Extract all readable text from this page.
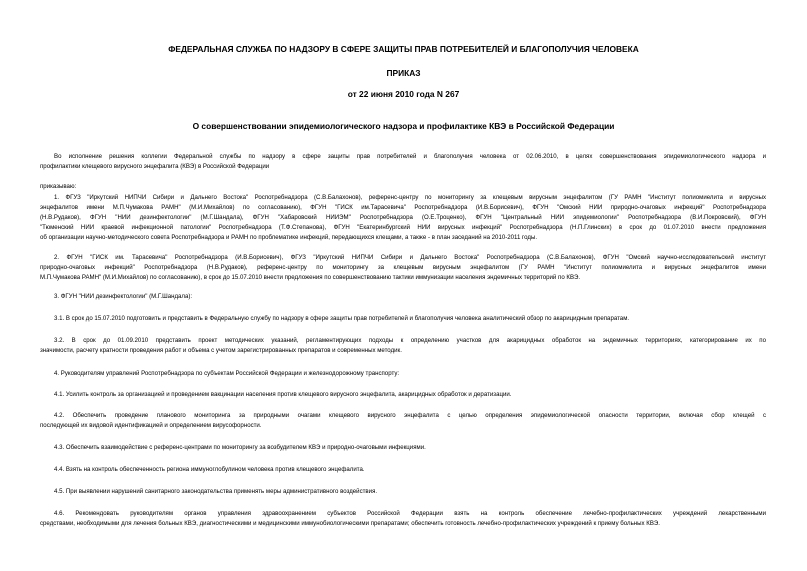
ФЕДЕРАЛЬНАЯ СЛУЖБА ПО НАДЗОРУ В СФЕРЕ ЗАЩИТЫ ПРАВ ПОТРЕБИТЕЛЕЙ И БЛАГОПОЛУЧИЯ ЧЕЛОВЕКА
ПРИКАЗ
от 22 июня 2010 года N 267
О совершенствовании эпидемиологического надзора и профилактике КВЭ в Российской Федерации
Во исполнение решения коллегии Федеральной службы по надзору в сфере защиты прав потребителей и благополучия человека от 02.06.2010, в целях совершенствования эпидемиологического надзора и
профилактики клещевого вирусного энцефалита (КВЭ) в Российской Федерации
приказываю:
1. ФГУЗ "Иркутский НИПЧИ Сибири и Дальнего Востока" Роспотребнадзора (С.В.Балахонов), референс-центру по мониторингу за клещевым вирусным энцефалитом (ГУ РАМН "Институт полиомиелита и вирусных
энцефалитов имени М.П.Чумакова РАМН" (М.И.Михайлов) по согласованию), ФГУН "ГИСК им.Тарасевича" Роспотребнадзора (И.В.Борисевич), ФГУН "Омский НИИ природно-очаговых инфекций" Роспотребнадзора
(Н.В.Рудаков), ФГУН "НИИ дезинфектологии" (М.Г.Шандала), ФГУН "Хабаровский НИИЭМ" Роспотребнадзора (О.Е.Троценко), ФГУН "Центральный НИИ эпидемиологии" Роспотребнадзора (В.И.Покровский), ФГУН
"Тюменский НИИ краевой инфекционной патологии" Роспотребнадзора (Т.Ф.Степанова), ФГУН "Екатеринбургский НИИ вирусных инфекций" Роспотребнадзора (Н.П.Глинских) в срок до 01.07.2010 внести предложения
об организации научно-методического совета Роспотребнадзора и РАМН по проблематике инфекций, передающихся клещами, а также - в план заседаний на 2010-2011 годы.
2. ФГУН "ГИСК им. Тарасевича" Роспотребнадзора (И.В.Борисевич), ФГУЗ "Иркутский НИПЧИ Сибири и Дальнего Востока" Роспотребнадзора (С.В.Балахонов), ФГУН "Омский научно-исследовательский институт
природно-очаговых инфекций" Роспотребнадзора (Н.В.Рудаков), референс-центру по мониторингу за клещевым вирусным энцефалитом (ГУ РАМН "Институт полиомиелита и вирусных энцефалитов имени
М.П.Чумакова РАМН" (М.И.Михайлов) по согласованию), в срок до 15.07.2010 внести предложения по совершенствованию тактики иммунизации населения эндемичных территорий по КВЭ.
3. ФГУН "НИИ дезинфектологии" (М.Г.Шандала):
3.1. В срок до 15.07.2010 подготовить и представить в Федеральную службу по надзору в сфере защиты прав потребителей и благополучия человека аналитический обзор по акарицидным препаратам.
3.2. В срок до 01.09.2010 представить проект методических указаний, регламентирующих подходы к определению участков для акарицидных обработок на эндемичных территориях, категорирование их по
значимости, расчету кратности проведения работ и объема с учетом зарегистрированных препаратов и современных методик.
4. Руководителям управлений Роспотребнадзора по субъектам Российской Федерации и железнодорожному транспорту:
4.1. Усилить контроль за организацией и проведением вакцинации населения против клещевого вирусного энцефалита, акарицидных обработок и дератизации.
4.2. Обеспечить проведение планового мониторинга за природными очагами клещевого вирусного энцефалита с целью определения эпидемиологической опасности территории, включая сбор клещей с
последующей их видовой идентификацией и определением вирусофорности.
4.3. Обеспечить взаимодействие с референс-центрами по мониторингу за возбудителем КВЭ и природно-очаговыми инфекциями.
4.4. Взять на контроль обеспеченность региона иммуноглобулином человека против клещевого энцефалита.
4.5. При выявлении нарушений санитарного законодательства применять меры административного воздействия.
4.6. Рекомендовать руководителям органов управления здравоохранением субъектов Российской Федерации взять на контроль обеспечение лечебно-профилактических учреждений лекарственными
средствами, необходимыми для лечения больных КВЭ, диагностическими и медицинскими иммунобиологическими препаратами; обеспечить готовность лечебно-профилактических учреждений к приему больных КВЭ.
